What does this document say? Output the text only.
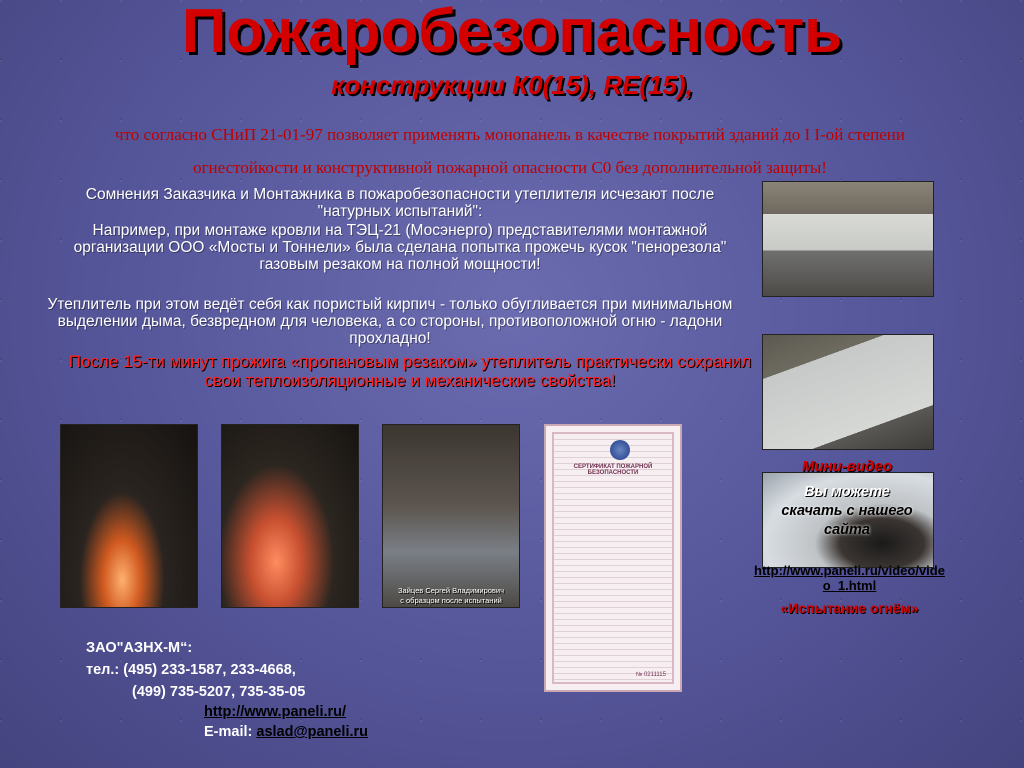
Пожаробезопасность
конструкции К0(15), RE(15),
что согласно СНиП 21-01-97 позволяет применять монопанель в качестве покрытий зданий до I I-ой степени огнестойкости и конструктивной пожарной опасности С0 без дополнительной защиты!
Сомнения Заказчика и Монтажника в пожаробезопасности утеплителя исчезают после "натурных испытаний":
Например, при монтаже кровли на ТЭЦ-21 (Мосэнерго) представителями монтажной организации ООО «Мосты и Тоннели» была сделана попытка прожечь кусок "пенорезола" газовым резаком на полной мощности!
Утеплитель при этом ведёт себя как пористый кирпич - только обугливается при минимальном выделении дыма, безвредном для человека, а со стороны, противоположной огню - ладони прохладно!
После 15-ти минут прожига «пропановым резаком» утеплитель практически сохранил свои теплоизоляционные и механические свойства!
Зайцев Сергей Владимирович
с образцом после испытаний
СЕРТИФИКАТ ПОЖАРНОЙ БЕЗОПАСНОСТИ
№ 0211115
Мини-видео
Вы можете
скачать с нашего
сайта
http://www.paneli.ru/video/video_1.html
«Испытание огнём»
ЗАО"АЗНХ-М“:
тел.: (495) 233-1587, 233-4668,
(499) 735-5207, 735-35-05
http://www.paneli.ru/
E-mail: aslad@paneli.ru
